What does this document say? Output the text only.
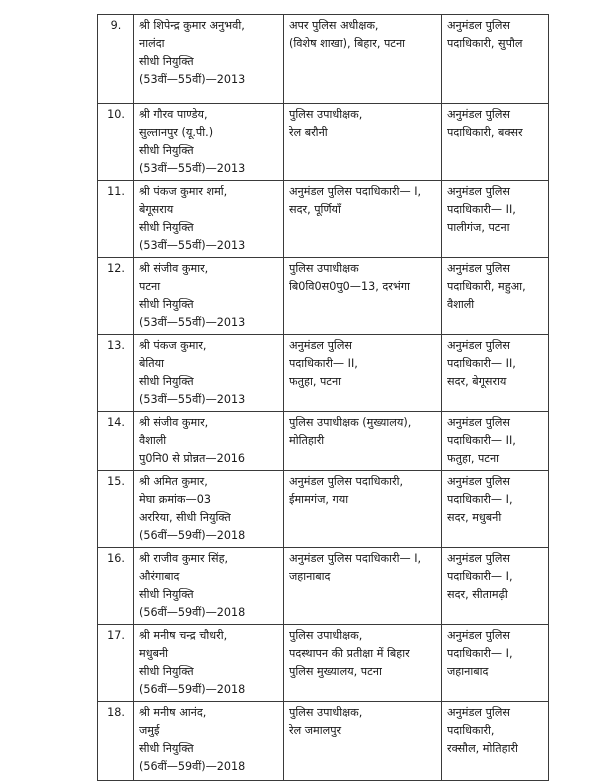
9.	श्री शिपेन्द्र कुमार अनुभवी,
नालंदा
सीधी नियुक्ति
(53वीं—55वीं)—2013	अपर पुलिस अधीक्षक,
(विशेष शाखा), बिहार, पटना	अनुमंडल पुलिस
पदाधिकारी, सुपौल

10.	श्री गौरव पाण्डेय,
सुल्तानपुर (यू.पी.)
सीधी नियुक्ति
(53वीं—55वीं)—2013	पुलिस उपाधीक्षक,
रेल बरौनी	अनुमंडल पुलिस
पदाधिकारी, बक्सर

11.	श्री पंकज कुमार शर्मा,
बेगूसराय
सीधी नियुक्ति
(53वीं—55वीं)—2013	अनुमंडल पुलिस पदाधिकारी— I,
सदर, पूर्णियाँ	अनुमंडल पुलिस
पदाधिकारी— II,
पालीगंज, पटना

12.	श्री संजीव कुमार,
पटना
सीधी नियुक्ति
(53वीं—55वीं)—2013	पुलिस उपाधीक्षक
बि0वि0स0पु0—13, दरभंगा	अनुमंडल पुलिस
पदाधिकारी, महुआ,
वैशाली

13.	श्री पंकज कुमार,
बेतिया
सीधी नियुक्ति
(53वीं—55वीं)—2013	अनुमंडल पुलिस
पदाधिकारी— II,
फतुहा, पटना	अनुमंडल पुलिस
पदाधिकारी— II,
सदर, बेगूसराय

14.	श्री संजीव कुमार,
वैशाली
पु0नि0 से प्रोन्नत—2016	पुलिस उपाधीक्षक (मुख्यालय),
मोतिहारी	अनुमंडल पुलिस
पदाधिकारी— II,
फतुहा, पटना

15.	श्री अमित कुमार,
मेघा क्रमांक—03
अररिया, सीधी नियुक्ति
(56वीं—59वीं)—2018	अनुमंडल पुलिस पदाधिकारी,
ईमामगंज, गया	अनुमंडल पुलिस
पदाधिकारी— I,
सदर, मधुबनी

16.	श्री राजीव कुमार सिंह,
औरंगाबाद
सीधी नियुक्ति
(56वीं—59वीं)—2018	अनुमंडल पुलिस पदाधिकारी— I,
जहानाबाद	अनुमंडल पुलिस
पदाधिकारी— I,
सदर, सीतामढ़ी

17.	श्री मनीष चन्द्र चौधरी,
मधुबनी
सीधी नियुक्ति
(56वीं—59वीं)—2018	पुलिस उपाधीक्षक,
पदस्थापन की प्रतीक्षा में बिहार
पुलिस मुख्यालय, पटना	अनुमंडल पुलिस
पदाधिकारी— I,
जहानाबाद

18.	श्री मनीष आनंद,
जमुई
सीधी नियुक्ति
(56वीं—59वीं)—2018	पुलिस उपाधीक्षक,
रेल जमालपुर	अनुमंडल पुलिस
पदाधिकारी,
रक्सौल, मोतिहारी
